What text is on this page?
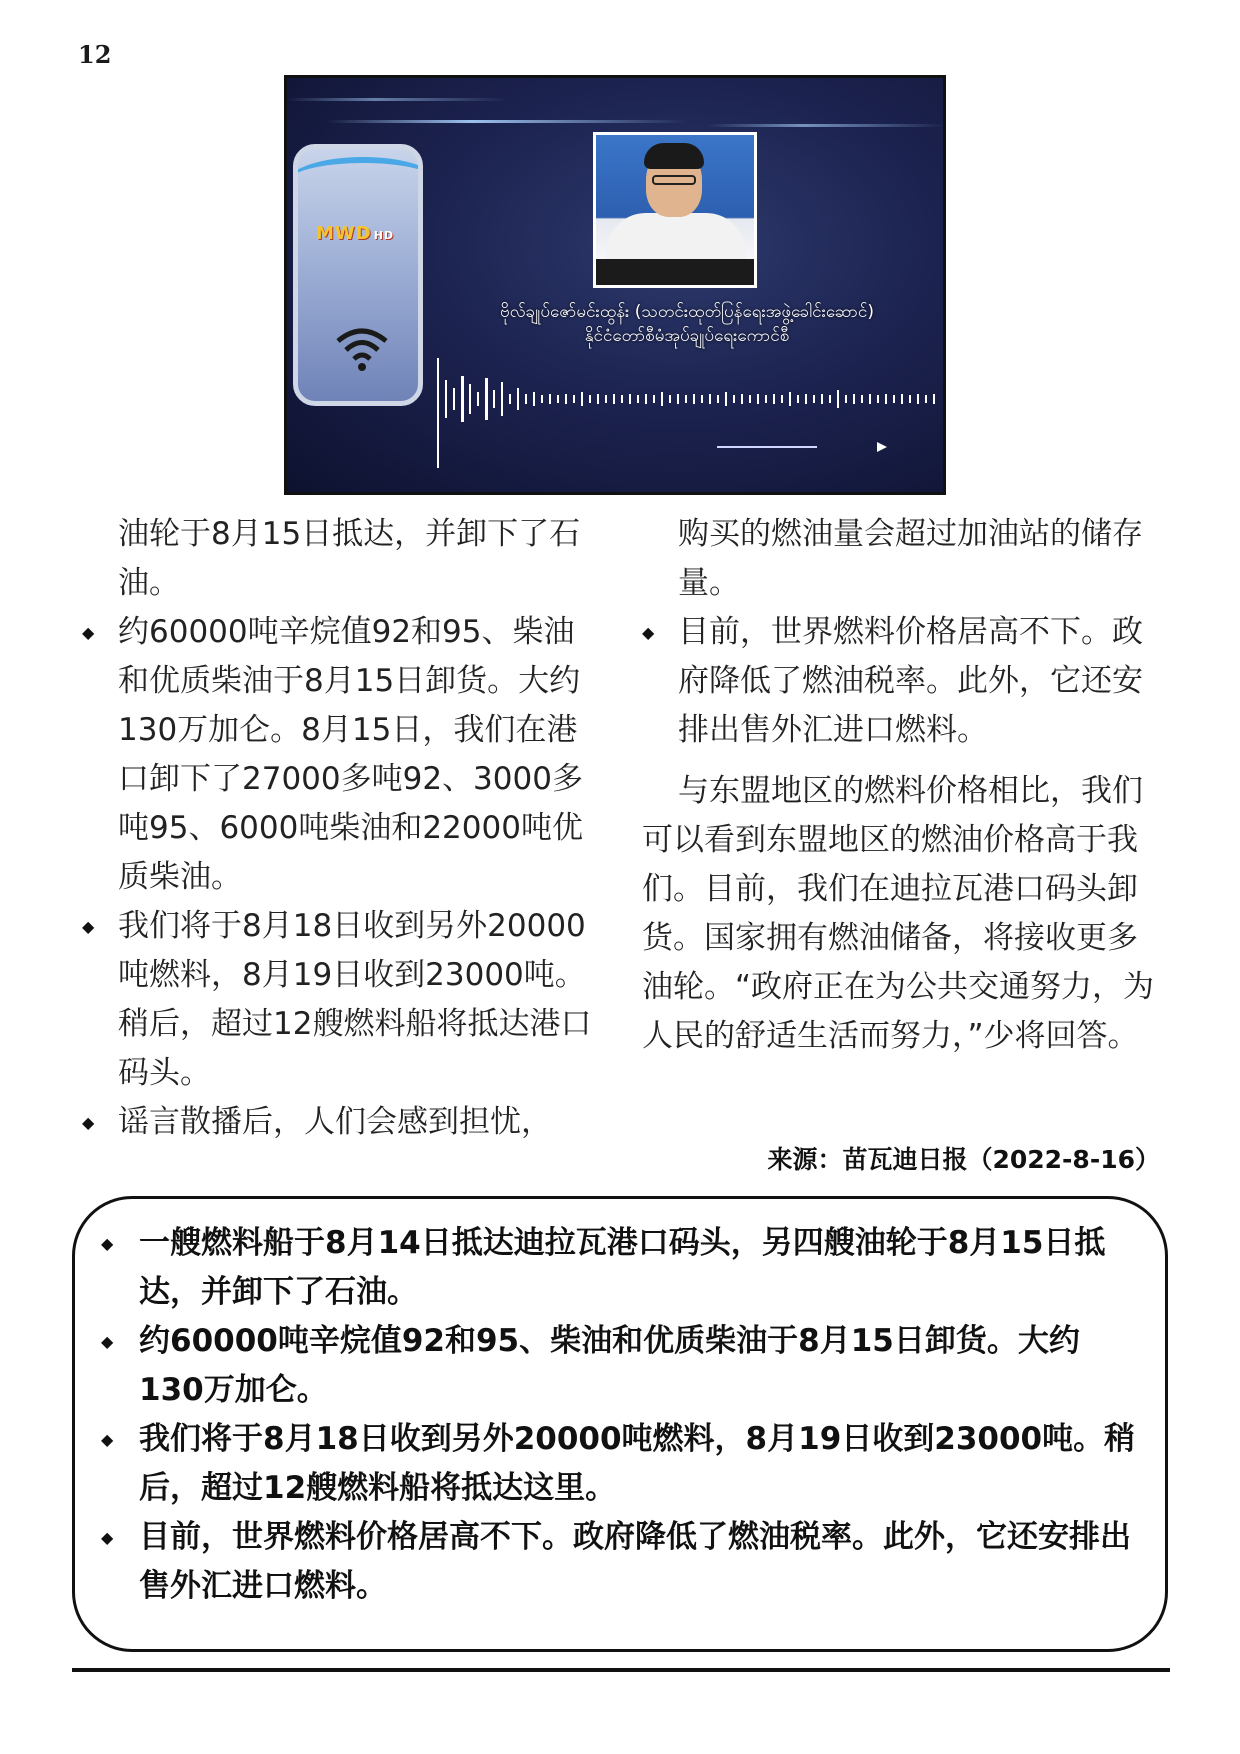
12
MWD HD
ဗိုလ်ချုပ်ဇော်မင်းထွန်း (သတင်းထုတ်ပြန်ရေးအဖွဲ့ခေါင်းဆောင်)
နိုင်ငံတော်စီမံအုပ်ချုပ်ရေးကောင်စီ

油轮于8月15日抵达，并卸下了石油。

◆ 约60000吨辛烷值92和95、柴油和优质柴油于8月15日卸货。大约130万加仑。8月15日，我们在港口卸下了27000多吨92、3000多吨95、6000吨柴油和22000吨优质柴油。

◆ 我们将于8月18日收到另外20000吨燃料，8月19日收到23000吨。稍后，超过12艘燃料船将抵达港口码头。

◆ 谣言散播后，人们会感到担忧，

购买的燃油量会超过加油站的储存量。

◆ 目前，世界燃料价格居高不下。政府降低了燃油税率。此外，它还安排出售外汇进口燃料。

与东盟地区的燃料价格相比，我们可以看到东盟地区的燃油价格高于我们。目前，我们在迪拉瓦港口码头卸货。国家拥有燃油储备，将接收更多油轮。“政府正在为公共交通努力，为人民的舒适生活而努力，”少将回答。

来源：苗瓦迪日报（2022-8-16）

◆ 一艘燃料船于8月14日抵达迪拉瓦港口码头，另四艘油轮于8月15日抵达，并卸下了石油。

◆ 约60000吨辛烷值92和95、柴油和优质柴油于8月15日卸货。大约130万加仑。

◆ 我们将于8月18日收到另外20000吨燃料，8月19日收到23000吨。稍后，超过12艘燃料船将抵达这里。

◆ 目前，世界燃料价格居高不下。政府降低了燃油税率。此外，它还安排出售外汇进口燃料。
